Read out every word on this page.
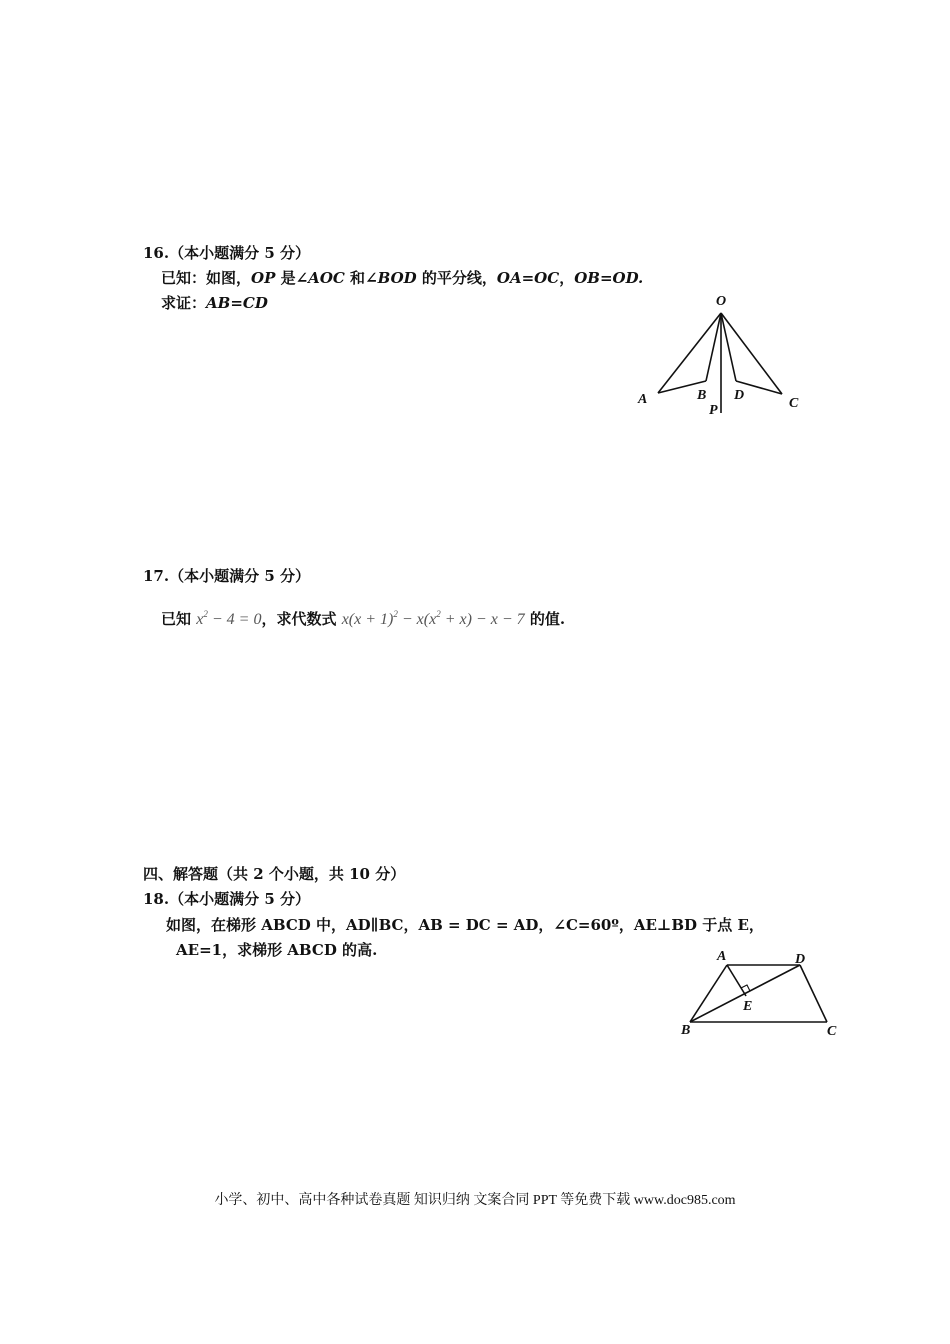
16.（本小题满分 5 分）
已知：如图，OP 是∠AOC 和∠BOD 的平分线，OA=OC，OB=OD.
求证：AB=CD	O
A	B
P
D
C
17.（本小题满分 5 分）
已知 $x^2 - 4 = 0$，求代数式 $x(x + 1)^2 - x(x^2 + x) - x - 7$ 的值.
四、解答题（共 2 个小题，共 10 分）
18.（本小题满分 5 分）
如图，在梯形 ABCD 中，AD∥BC，AB = DC = AD，∠C=60º，AE⊥BD 于点 E，
AE=1，求梯形 ABCD 的高.	A	D
E
B	C
小学、初中、高中各种试卷真题 知识归纳 文案合同 PPT 等免费下载 www.doc985.com
